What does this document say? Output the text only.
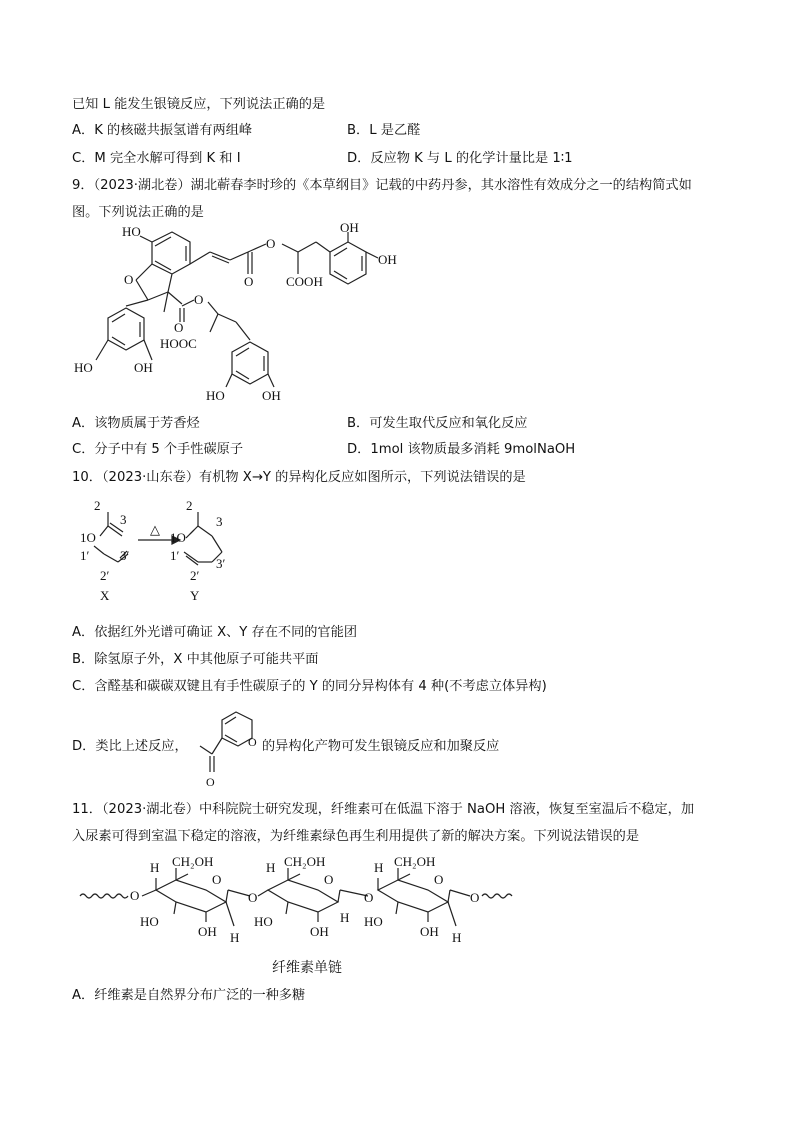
已知 L 能发生银镜反应，下列说法正确的是

A．K 的核磁共振氢谱有两组峰	B．L 是乙醛

C．M 完全水解可得到 K 和 I	D．反应物 K 与 L 的化学计量比是 1∶1

9．（2023·湖北卷）湖北蕲春李时珍的《本草纲目》记载的中药丹参，其水溶性有效成分之一的结构简式如

图。下列说法正确的是

HO
O
O
O	COOH
OH
OH
O
O
HOOC
HO	OH
HO	OH

A．该物质属于芳香烃	B．可发生取代反应和氧化反应

C．分子中有 5 个手性碳原子	D．1mol 该物质最多消耗 9molNaOH

10．（2023·山东卷）有机物 X→Y 的异构化反应如图所示，下列说法错误的是

2
3
1O
1′
2′
3′
△
2
3
1O
1′
2′
3′
X	Y

A．依据红外光谱可确证 X、Y 存在不同的官能团

B．除氢原子外，X 中其他原子可能共平面

C．含醛基和碳碳双键且有手性碳原子的 Y 的同分异构体有 4 种(不考虑立体异构)

D．类比上述反应，	O
O

的异构化产物可发生银镜反应和加聚反应

11．（2023·湖北卷）中科院院士研究发现，纤维素可在低温下溶于 NaOH 溶液，恢复至室温后不稳定，加

入尿素可得到室温下稳定的溶液，为纤维素绿色再生利用提供了新的解决方案。下列说法错误的是

O
H CH₂OH
O
HO
OH H
O
H CH₂OH
O
HO
OH
H
O
H CH₂OH
O
HO
OH H
O
纤维素单链

A．纤维素是自然界分布广泛的一种多糖
